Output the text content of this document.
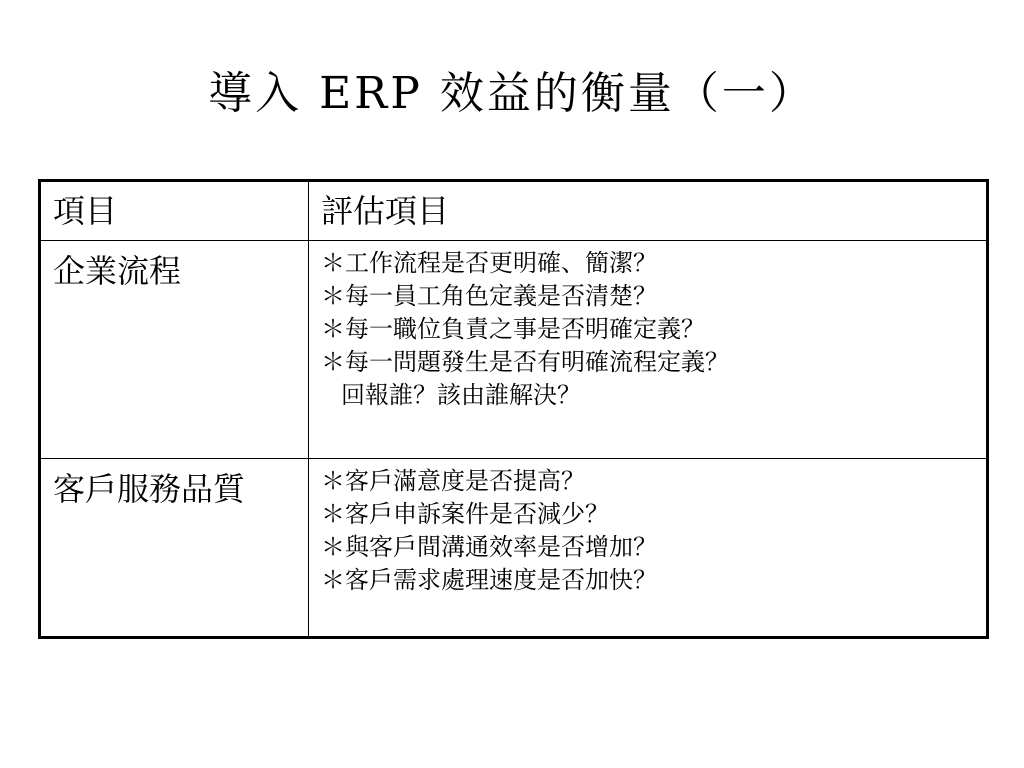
導入 ERP 效益的衡量（一）
項目	評估項目
企業流程	＊工作流程是否更明確、簡潔？
＊每一員工角色定義是否清楚？
＊每一職位負責之事是否明確定義？
＊每一問題發生是否有明確流程定義？
回報誰？該由誰解決？

客戶服務品質	＊客戶滿意度是否提高？
＊客戶申訴案件是否減少？
＊與客戶間溝通效率是否增加？
＊客戶需求處理速度是否加快？
